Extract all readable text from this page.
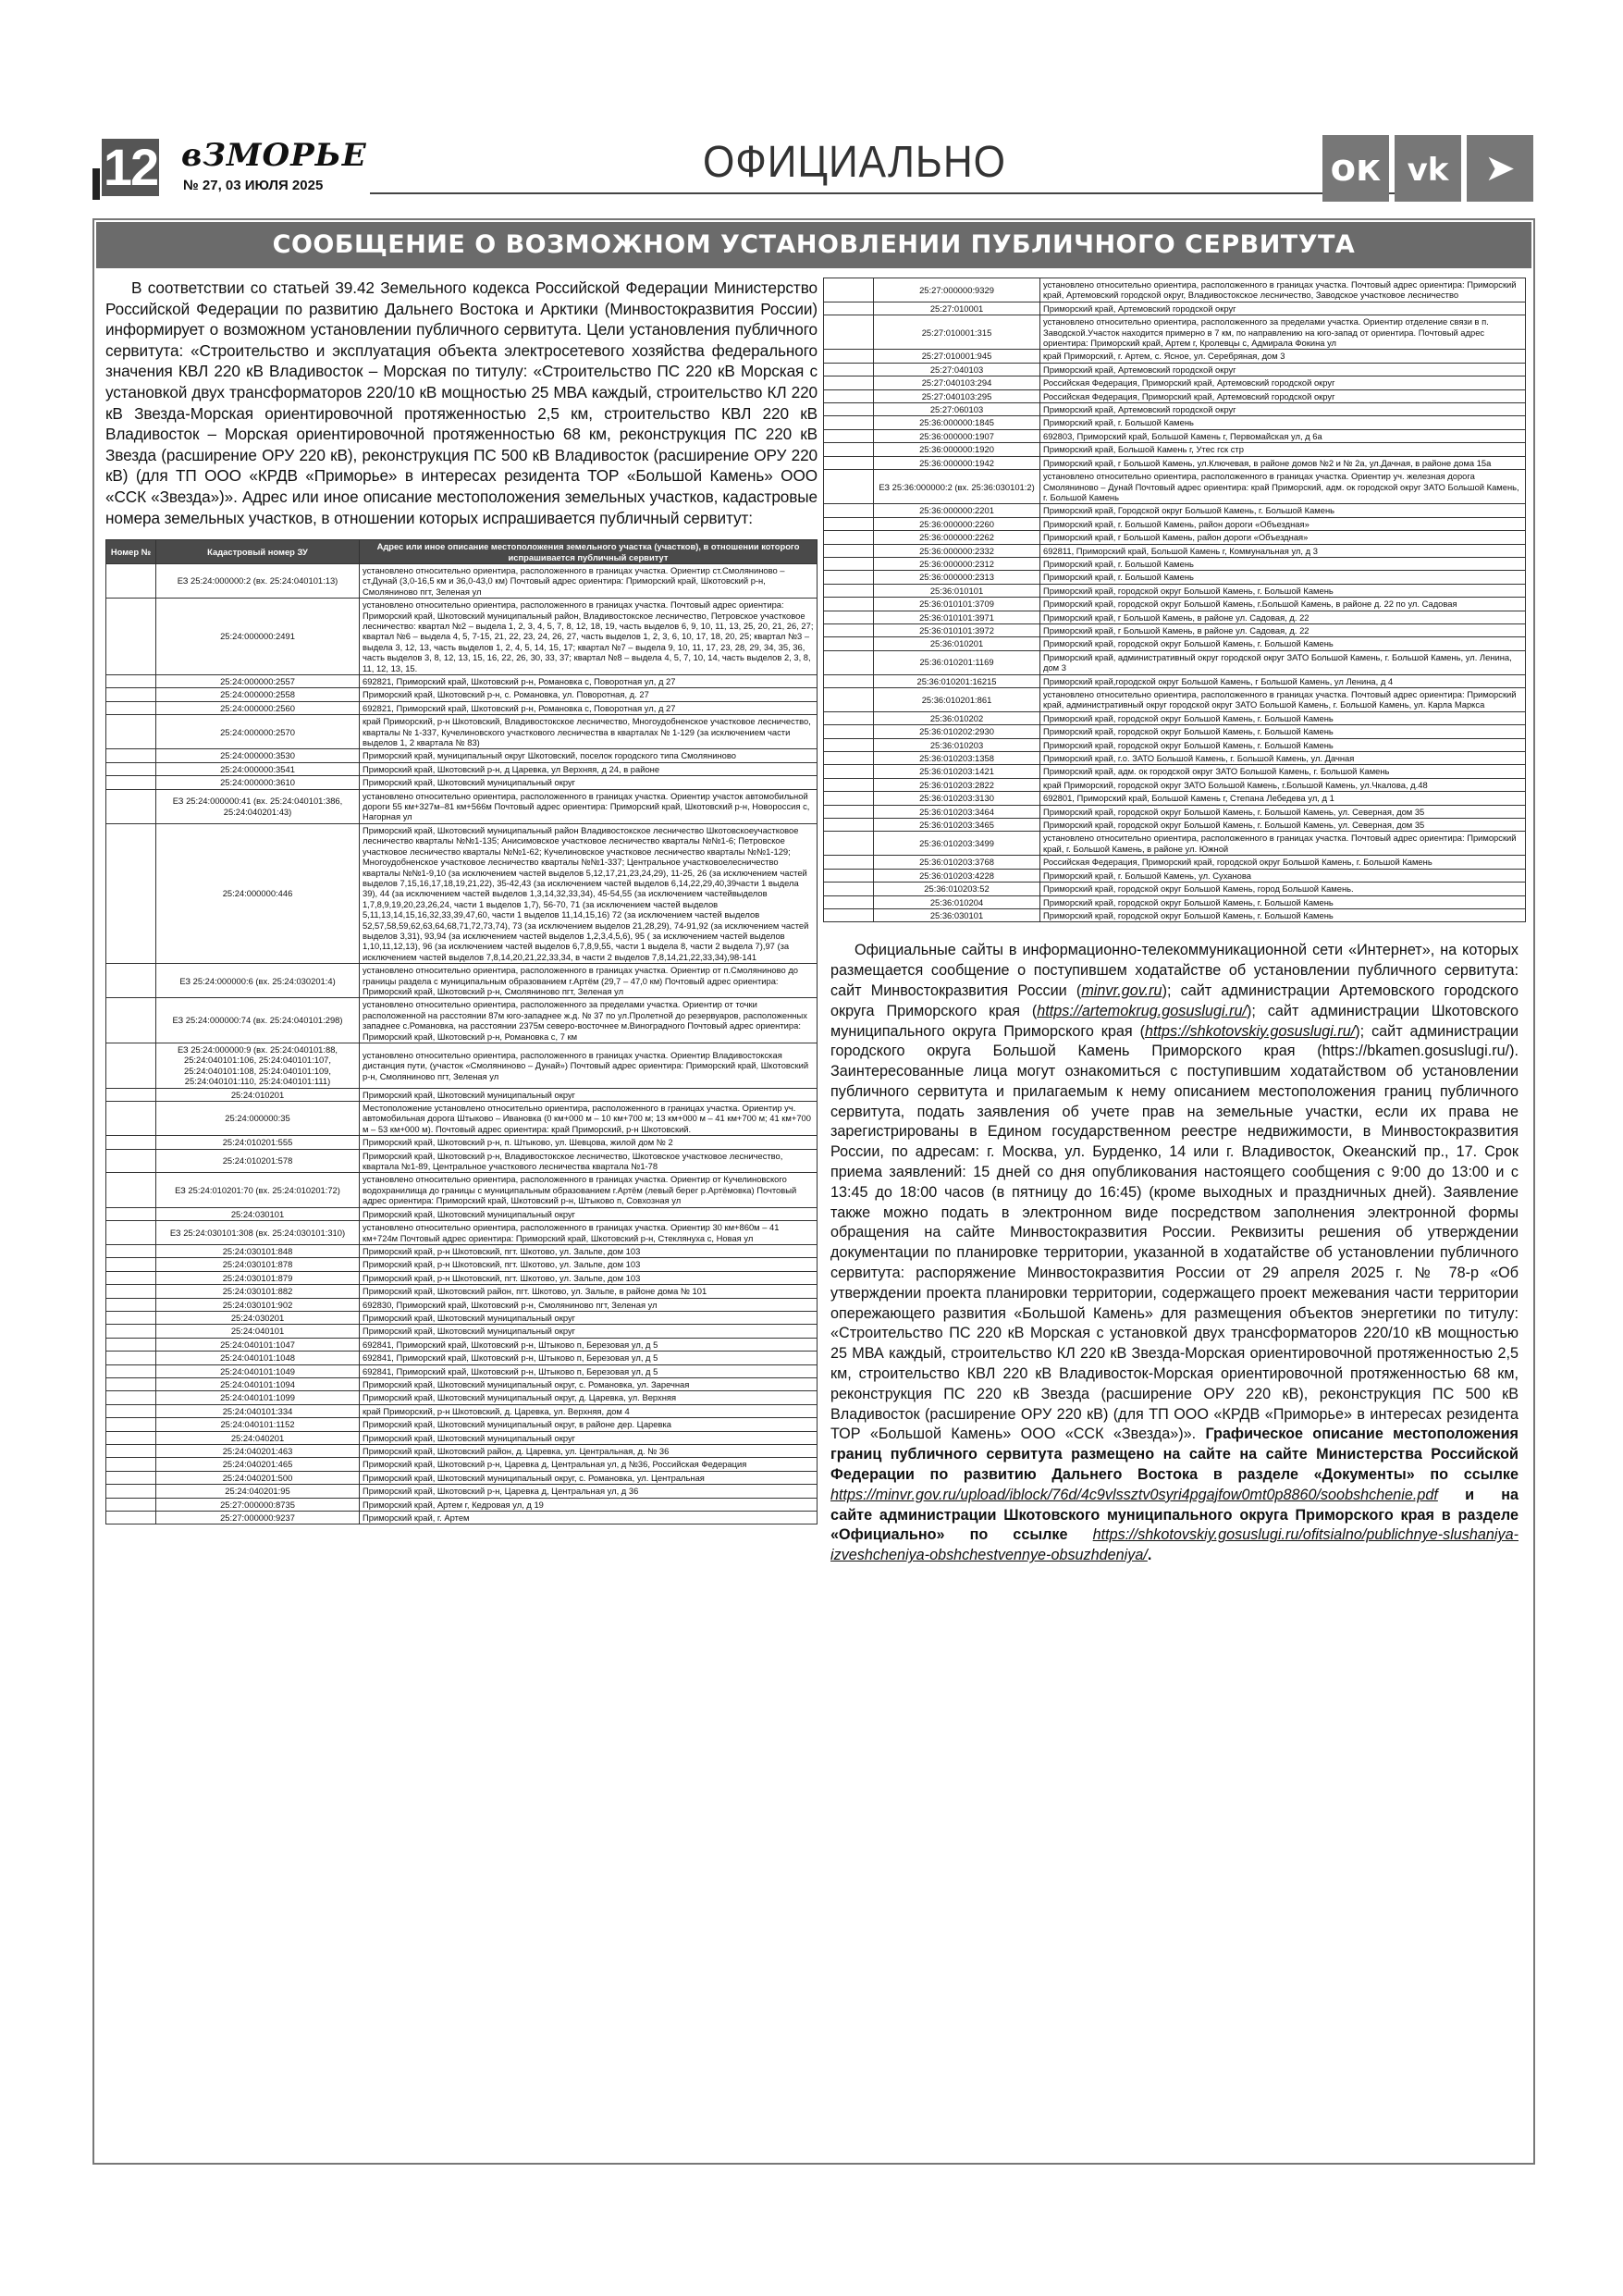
12 вЗМОРЬЕ
№ 27, 03 ИЮЛЯ 2025	ОФИЦИАЛЬНО	ок vk ➤
СООБЩЕНИЕ О ВОЗМОЖНОМ УСТАНОВЛЕНИИ ПУБЛИЧНОГО СЕРВИТУТА

В соответствии со статьей 39.42 Земельного кодекса Российской Федерации Министерство Российской Федерации по развитию Дальнего Востока и Арктики (Минвостокразвития России) информирует о возможном установлении публичного сервитута. Цели установления публичного сервитута: «Строительство и эксплуатация объекта электросетевого хозяйства федерального значения КВЛ 220 кВ Владивосток – Морская по титулу: «Строительство ПС 220 кВ Морская с установкой двух трансформаторов 220/10 кВ мощностью 25 МВА каждый, строительство КЛ 220 кВ Звезда-Морская ориентировочной протяженностью 2,5 км, строительство КВЛ 220 кВ Владивосток – Морская ориентировочной протяженностью 68 км, реконструкция ПС 220 кВ Звезда (расширение ОРУ 220 кВ), реконструкция ПС 500 кВ Владивосток (расширение ОРУ 220 кВ) (для ТП ООО «КРДВ «Приморье» в интересах резидента ТОР «Большой Камень» ООО «ССК «Звезда»)». Адрес или иное описание местоположения земельных участков, кадастровые номера земельных участков, в отношении которых испрашивается публичный сервитут:

Номер №	Кадастровый номер ЗУ	Адрес или иное описание местоположения земельного участка (участков), в отношении которого испрашивается публичный сервитут
	ЕЗ 25:24:000000:2 (вх. 25:24:040101:13)	установлено относительно ориентира, расположенного в границах участка. Ориентир ст.Смоляниново – ст.Дунай (3,0-16,5 км и 36,0-43,0 км) Почтовый адрес ориентира: Приморский край, Шкотовский р-н, Смоляниново пгт, Зеленая ул
	25:24:000000:2491	установлено относительно ориентира, расположенного в границах участка. Почтовый адрес ориентира: Приморский край, Шкотовский муниципальный район, Владивостокское лесничество, Петровское участковое лесничество: квартал №2 – выдела 1, 2, 3, 4, 5, 7, 8, 12, 18, 19, часть выделов 6, 9, 10, 11, 13, 25, 20, 21, 26, 27; квартал №6 – выдела 4, 5, 7-15, 21, 22, 23, 24, 26, 27, часть выделов 1, 2, 3, 6, 10, 17, 18, 20, 25; квартал №3 – выдела 3, 12, 13, часть выделов 1, 2, 4, 5, 14, 15, 17; квартал №7 – выдела 9, 10, 11, 17, 23, 28, 29, 34, 35, 36, часть выделов 3, 8, 12, 13, 15, 16, 22, 26, 30, 33, 37; квартал №8 – выдела 4, 5, 7, 10, 14, часть выделов 2, 3, 8, 11, 12, 13, 15.
	25:24:000000:2557	692821, Приморский край, Шкотовский р-н, Романовка с, Поворотная ул, д 27
	25:24:000000:2558	Приморский край, Шкотовский р-н, с. Романовка, ул. Поворотная, д. 27
	25:24:000000:2560	692821, Приморский край, Шкотовский р-н, Романовка с, Поворотная ул, д 27
	25:24:000000:2570	край Приморский, р-н Шкотовский, Владивостокское лесничество, Многоудобненское участковое лесничество, кварталы № 1-337, Кучелиновского участкового лесничества в кварталах № 1-129 (за исключением части выделов 1, 2 квартала № 83)
	25:24:000000:3530	Приморский край, муниципальный округ Шкотовский, поселок городского типа Смоляниново
	25:24:000000:3541	Приморский край, Шкотовский р-н, д Царевка, ул Верхняя, д 24, в районе
	25:24:000000:3610	Приморский край, Шкотовский муниципальный округ
	ЕЗ 25:24:000000:41 (вх. 25:24:040101:386, 25:24:040201:43)	установлено относительно ориентира, расположенного в границах участка. Ориентир участок автомобильной дороги 55 км+327м–81 км+566м Почтовый адрес ориентира: Приморский край, Шкотовский р-н, Новороссия с, Нагорная ул
	25:24:000000:446	Приморский край, Шкотовский муниципальный район Владивостокское лесничество Шкотовскоеучастковое лесничество кварталы №№1-135; Анисимовское участковое лесничество кварталы №№1-6; Петровское участковое лесничество кварталы №№1-62; Кучелиновское участковое лесничество кварталы №№1-129; Многоудобненское участковое лесничество кварталы №№1-337; Центральное участковоелесничество кварталы №№1-9,10 (за исключением частей выделов 5,12,17,21,23,24,29), 11-25, 26 (за исключением частей выделов 7,15,16,17,18,19,21,22), 35-42,43 (за исключением частей выделов 6,14,22,29,40,39части 1 выдела 39), 44 (за исключением частей выделов 1,3,14,32,33,34), 45-54,55 (за исключением частейвыделов 1,7,8,9,19,20,23,26,24, части 1 выделов 1,7), 56-70, 71 (за исключением частей выделов 5,11,13,14,15,16,32,33,39,47,60, части 1 выделов 11,14,15,16) 72 (за исключением частей выделов 52,57,58,59,62,63,64,68,71,72,73,74), 73 (за исключением выделов 21,28,29), 74-91,92 (за исключением частей выделов 3,31), 93,94 (за исключением частей выделов 1,2,3,4,5,6), 95 ( за исключением частей выделов 1,10,11,12,13), 96 (за исключением частей выделов 6,7,8,9,55, части 1 выдела 8, части 2 выдела 7),97 (за исключением частей выделов 7,8,14,20,21,22,33,34, в части 2 выделов 7,8,14,21,22,33,34),98-141
	ЕЗ 25:24:000000:6 (вх. 25:24:030201:4)	установлено относительно ориентира, расположенного в границах участка. Ориентир от п.Смоляниново до границы раздела с муниципальным образованием г.Артём (29,7 – 47,0 км) Почтовый адрес ориентира: Приморский край, Шкотовский р-н, Смоляниново пгт, Зеленая ул
	ЕЗ 25:24:000000:74 (вх. 25:24:040101:298)	установлено относительно ориентира, расположенного за пределами участка. Ориентир от точки расположенной на расстоянии 87м юго-западнее ж.д. № 37 по ул.Пролетной до резервуаров, расположенных западнее с.Романовка, на расстоянии 2375м северо-восточнее м.Виноградного Почтовый адрес ориентира: Приморский край, Шкотовский р-н, Романовка с, 7 км
	ЕЗ 25:24:000000:9 (вх. 25:24:040101:88, 25:24:040101:106, 25:24:040101:107, 25:24:040101:108, 25:24:040101:109, 25:24:040101:110, 25:24:040101:111)	установлено относительно ориентира, расположенного в границах участка. Ориентир Владивостокская дистанция пути, (участок «Смоляниново – Дунай») Почтовый адрес ориентира: Приморский край, Шкотовский р-н, Смоляниново пгт, Зеленая ул
	25:24:010201	Приморский край, Шкотовский муниципальный округ
	25:24:000000:35	Местоположение установлено относительно ориентира, расположенного в границах участка. Ориентир уч. автомобильная дорога Штыково – Ивановка (0 км+000 м – 10 км+700 м; 13 км+000 м – 41 км+700 м; 41 км+700 м – 53 км+000 м). Почтовый адрес ориентира: край Приморский, р-н Шкотовский.
	25:24:010201:555	Приморский край, Шкотовский р-н, п. Штыково, ул. Шевцова, жилой дом № 2
	25:24:010201:578	Приморский край, Шкотовский р-н, Владивостокское лесничество, Шкотовское участковое лесничество, квартала №1-89, Центральное участкового лесничества квартала №1-78
	ЕЗ 25:24:010201:70 (вх. 25:24:010201:72)	установлено относительно ориентира, расположенного в границах участка. Ориентир от Кучелиновского водохранилища до границы с муниципальным образованием г.Артём (левый берег р.Артёмовка) Почтовый адрес ориентира: Приморский край, Шкотовский р-н, Штыково п, Совхозная ул
	25:24:030101	Приморский край, Шкотовский муниципальный округ
	ЕЗ 25:24:030101:308 (вх. 25:24:030101:310)	установлено относительно ориентира, расположенного в границах участка. Ориентир 30 км+860м – 41 км+724м Почтовый адрес ориентира: Приморский край, Шкотовский р-н, Стеклянуха с, Новая ул
	25:24:030101:848	Приморский край, р-н Шкотовский, пгт. Шкотово, ул. Зальпе, дом 103
	25:24:030101:878	Приморский край, р-н Шкотовский, пгт. Шкотово, ул. Зальпе, дом 103
	25:24:030101:879	Приморский край, р-н Шкотовский, пгт. Шкотово, ул. Зальпе, дом 103
	25:24:030101:882	Приморский край, Шкотовский район, пгт. Шкотово, ул. Зальпе, в районе дома № 101
	25:24:030101:902	692830, Приморский край, Шкотовский р-н, Смоляниново пгт, Зеленая ул
	25:24:030201	Приморский край, Шкотовский муниципальный округ
	25:24:040101	Приморский край, Шкотовский муниципальный округ
	25:24:040101:1047	692841, Приморский край, Шкотовский р-н, Штыково п, Березовая ул, д 5
	25:24:040101:1048	692841, Приморский край, Шкотовский р-н, Штыково п, Березовая ул, д 5
	25:24:040101:1049	692841, Приморский край, Шкотовский р-н, Штыково п, Березовая ул, д 5
	25:24:040101:1094	Приморский край, Шкотовский муниципальный округ, с. Романовка, ул. Заречная
	25:24:040101:1099	Приморский край, Шкотовский муниципальный округ, д. Царевка, ул. Верхняя
	25:24:040101:334	край Приморский, р-н Шкотовский, д. Царевка, ул. Верхняя, дом 4
	25:24:040101:1152	Приморский край, Шкотовский муниципальный округ, в районе дер. Царевка
	25:24:040201	Приморский край, Шкотовский муниципальный округ
	25:24:040201:463	Приморский край, Шкотовский район, д. Царевка, ул. Центральная, д. № 36
	25:24:040201:465	Приморский край, Шкотовский р-н, Царевка д, Центральная ул, д №36, Российская Федерация
	25:24:040201:500	Приморский край, Шкотовский муниципальный округ, с. Романовка, ул. Центральная
	25:24:040201:95	Приморский край, Шкотовский р-н, Царевка д, Центральная ул, д 36
	25:27:000000:8735	Приморский край, Артем г, Кедровая ул, д 19
	25:27:000000:9237	Приморский край, г. Артем
	25:27:000000:9329	установлено относительно ориентира, расположенного в границах участка. Почтовый адрес ориентира: Приморский край, Артемовский городской округ, Владивостокское лесничество, Заводское участковое лесничество
	25:27:010001	Приморский край, Артемовский городской округ
	25:27:010001:315	установлено относительно ориентира, расположенного за пределами участка. Ориентир отделение связи в п. Заводской.Участок находится примерно в 7 км, по направлению на юго-запад от ориентира. Почтовый адрес ориентира: Приморский край, Артем г, Кролевцы с, Адмирала Фокина ул
	25:27:010001:945	край Приморский, г. Артем, с. Ясное, ул. Серебряная, дом 3
	25:27:040103	Приморский край, Артемовский городской округ
	25:27:040103:294	Российская Федерация, Приморский край, Артемовский городской округ
	25:27:040103:295	Российская Федерация, Приморский край, Артемовский городской округ
	25:27:060103	Приморский край, Артемовский городской округ
	25:36:000000:1845	Приморский край, г. Большой Камень
	25:36:000000:1907	692803, Приморский край, Большой Камень г, Первомайская ул, д 6а
	25:36:000000:1920	Приморский край, Большой Камень г, Утес гск стр
	25:36:000000:1942	Приморский край, г Большой Камень, ул.Ключевая, в районе домов №2 и № 2а, ул.Дачная, в районе дома 15а
	ЕЗ 25:36:000000:2 (вх. 25:36:030101:2)	установлено относительно ориентира, расположенного в границах участка. Ориентир уч. железная дорога Смоляниново – Дунай Почтовый адрес ориентира: край Приморский, адм. ок городской округ ЗАТО Большой Камень, г. Большой Камень
	25:36:000000:2201	Приморский край, Городской округ Большой Камень, г. Большой Камень
	25:36:000000:2260	Приморский край, г. Большой Камень, район дороги «Объездная»
	25:36:000000:2262	Приморский край, г Большой Камень, район дороги «Объездная»
	25:36:000000:2332	692811, Приморский край, Большой Камень г, Коммунальная ул, д 3
	25:36:000000:2312	Приморский край, г. Большой Камень
	25:36:000000:2313	Приморский край, г. Большой Камень
	25:36:010101	Приморский край, городской округ Большой Камень, г. Большой Камень
	25:36:010101:3709	Приморский край, городской округ Большой Камень, г.Большой Камень, в районе д. 22 по ул. Садовая
	25:36:010101:3971	Приморский край, г Большой Камень, в районе ул. Садовая, д. 22
	25:36:010101:3972	Приморский край, г Большой Камень, в районе ул. Садовая, д. 22
	25:36:010201	Приморский край, городской округ Большой Камень, г. Большой Камень
	25:36:010201:1169	Приморский край, административный округ городской округ ЗАТО Большой Камень, г. Большой Камень, ул. Ленина, дом 3
	25:36:010201:16215	Приморский край,городской округ Большой Камень, г Большой Камень, ул Ленина, д 4
	25:36:010201:861	установлено относительно ориентира, расположенного в границах участка. Почтовый адрес ориентира: Приморский край, административный округ городской округ ЗАТО Большой Камень, г. Большой Камень, ул. Карла Маркса
	25:36:010202	Приморский край, городской округ Большой Камень, г. Большой Камень
	25:36:010202:2930	Приморский край, городской округ Большой Камень, г. Большой Камень
	25:36:010203	Приморский край, городской округ Большой Камень, г. Большой Камень
	25:36:010203:1358	Приморский край, г.о. ЗАТО Большой Камень, г. Большой Камень, ул. Дачная
	25:36:010203:1421	Приморский край, адм. ок городской округ ЗАТО Большой Камень, г. Большой Камень
	25:36:010203:2822	край Приморский, городской округ ЗАТО Большой Камень, г.Большой Камень, ул.Чкалова, д.48
	25:36:010203:3130	692801, Приморский край, Большой Камень г, Степана Лебедева ул, д 1
	25:36:010203:3464	Приморский край, городской округ Большой Камень, г. Большой Камень, ул. Северная, дом 35
	25:36:010203:3465	Приморский край, городской округ Большой Камень, г. Большой Камень, ул. Северная, дом 35
	25:36:010203:3499	установлено относительно ориентира, расположенного в границах участка. Почтовый адрес ориентира: Приморский край, г. Большой Камень, в районе ул. Южной
	25:36:010203:3768	Российская Федерация, Приморский край, городской округ Большой Камень, г. Большой Камень
	25:36:010203:4228	Приморский край, г. Большой Камень, ул. Суханова
	25:36:010203:52	Приморский край, городской округ Большой Камень, город Большой Камень.
	25:36:010204	Приморский край, городской округ Большой Камень, г. Большой Камень
	25:36:030101	Приморский край, городской округ Большой Камень, г. Большой Камень

Официальные сайты в информационно-телекоммуникационной сети «Интернет», на которых размещается сообщение о поступившем ходатайстве об установлении публичного сервитута: сайт Минвостокразвития России (minvr.gov.ru); сайт администрации Артемовского городского округа Приморского края (https://artemokrug.gosuslugi.ru/); сайт администрации Шкотовского муниципального округа Приморского края (https://shkotovskiy.gosuslugi.ru/); сайт администрации городского округа Большой Камень Приморского края (https://bkamen.gosuslugi.ru/). Заинтересованные лица могут ознакомиться с поступившим ходатайством об установлении публичного сервитута и прилагаемым к нему описанием местоположения границ публичного сервитута, подать заявления об учете прав на земельные участки, если их права не зарегистрированы в Едином государственном реестре недвижимости, в Минвостокразвития России, по адресам: г. Москва, ул. Бурденко, 14 или г. Владивосток, Океанский пр., 17. Срок приема заявлений: 15 дней со дня опубликования настоящего сообщения с 9:00 до 13:00 и с 13:45 до 18:00 часов (в пятницу до 16:45) (кроме выходных и праздничных дней). Заявление также можно подать в электронном виде посредством заполнения электронной формы обращения на сайте Минвостокразвития России. Реквизиты решения об утверждении документации по планировке территории, указанной в ходатайстве об установлении публичного сервитута: распоряжение Минвостокразвития России от 29 апреля 2025 г. № 78-р «Об утверждении проекта планировки территории, содержащего проект межевания части территории опережающего развития «Большой Камень» для размещения объектов энергетики по титулу: «Строительство ПС 220 кВ Морская с установкой двух трансформаторов 220/10 кВ мощностью 25 МВА каждый, строительство КЛ 220 кВ Звезда-Морская ориентировочной протяженностью 2,5 км, строительство КВЛ 220 кВ Владивосток-Морская ориентировочной протяженностью 68 км, реконструкция ПС 220 кВ Звезда (расширение ОРУ 220 кВ), реконструкция ПС 500 кВ Владивосток (расширение ОРУ 220 кВ) (для ТП ООО «КРДВ «Приморье» в интересах резидента ТОР «Большой Камень» ООО «ССК «Звезда»)». Графическое описание местоположения границ публичного сервитута размещено на сайте на сайте Министерства Российской Федерации по развитию Дальнего Востока в разделе «Документы» по ссылке https://minvr.gov.ru/upload/iblock/76d/4c9vlssztv0syri4pgajfow0mt0p8860/soobshchenie.pdf и на сайте администрации Шкотовского муниципального округа Приморского края в разделе «Официально» по ссылке https://shkotovskiy.gosuslugi.ru/ofitsialno/publichnye-slushaniya-izveshcheniya-obshchestvennye-obsuzhdeniya/.
